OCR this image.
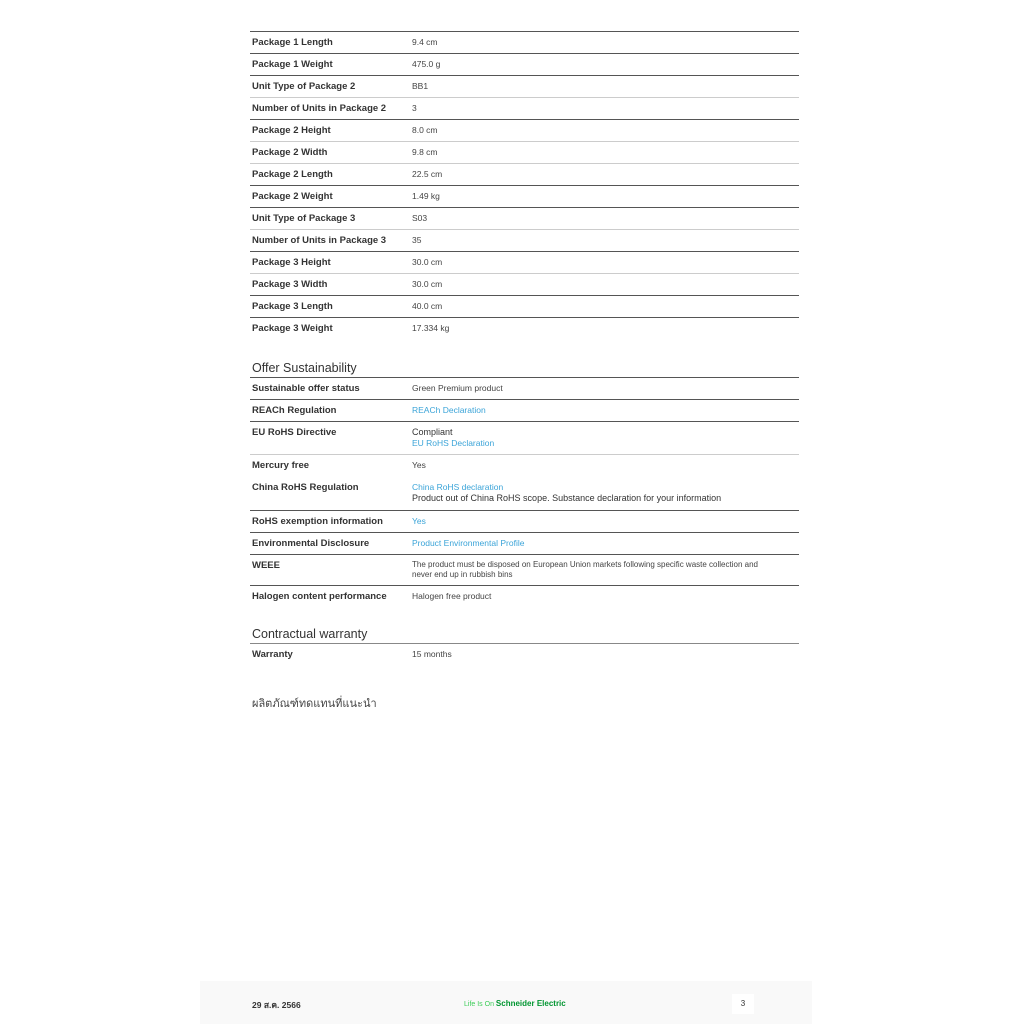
Package 1 Length	9.4 cm
Package 1 Weight	475.0 g
Unit Type of Package 2	BB1
Number of Units in Package 2	3
Package 2 Height	8.0 cm
Package 2 Width	9.8 cm
Package 2 Length	22.5 cm
Package 2 Weight	1.49 kg
Unit Type of Package 3	S03
Number of Units in Package 3	35
Package 3 Height	30.0 cm
Package 3 Width	30.0 cm
Package 3 Length	40.0 cm
Package 3 Weight	17.334 kg
Offer Sustainability
Sustainable offer status	Green Premium product
REACh Regulation	REACh Declaration
EU RoHS Directive	Compliant
EU RoHS Declaration
Mercury free	Yes
China RoHS Regulation	China RoHS declaration
Product out of China RoHS scope. Substance declaration for your information
RoHS exemption information	Yes
Environmental Disclosure	Product Environmental Profile
WEEE	The product must be disposed on European Union markets following specific waste collection and never end up in rubbish bins
Halogen content performance	Halogen free product
Contractual warranty
Warranty	15 months
ผลิตภัณฑ์ทดแทนที่แนะนำ
29 ส.ค. 2566	Life Is On Schneider Electric	3
